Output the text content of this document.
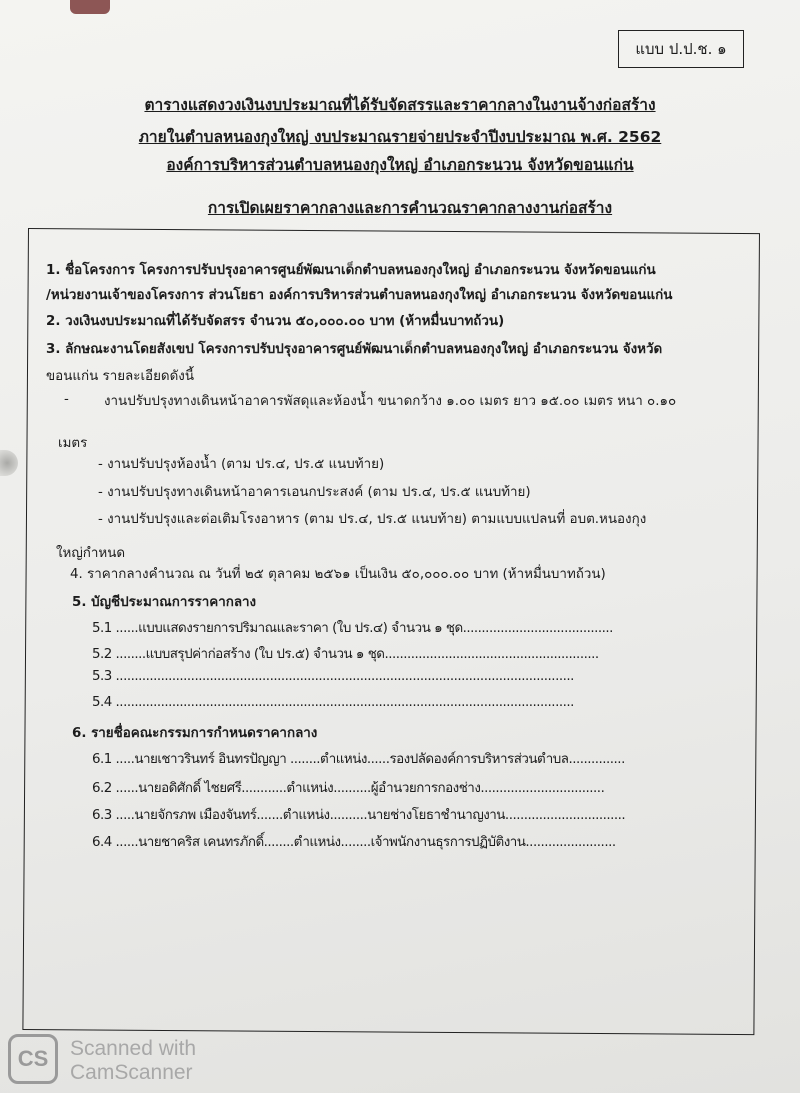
แบบ ป.ป.ช. ๑
ตารางแสดงวงเงินงบประมาณที่ได้รับจัดสรรและราคากลางในงานจ้างก่อสร้าง
ภายในตำบลหนองกุงใหญ่ งบประมาณรายจ่ายประจำปีงบประมาณ พ.ศ. 2562
องค์การบริหารส่วนตำบลหนองกุงใหญ่ อำเภอกระนวน จังหวัดขอนแก่น
การเปิดเผยราคากลางและการคำนวณราคากลางงานก่อสร้าง
1. ชื่อโครงการ โครงการปรับปรุงอาคารศูนย์พัฒนาเด็กตำบลหนองกุงใหญ่ อำเภอกระนวน จังหวัดขอนแก่น
/หน่วยงานเจ้าของโครงการ ส่วนโยธา องค์การบริหารส่วนตำบลหนองกุงใหญ่ อำเภอกระนวน จังหวัดขอนแก่น
2. วงเงินงบประมาณที่ได้รับจัดสรร จำนวน ๕๐,๐๐๐.๐๐ บาท (ห้าหมื่นบาทถ้วน)
3. ลักษณะงานโดยสังเขป โครงการปรับปรุงอาคารศูนย์พัฒนาเด็กตำบลหนองกุงใหญ่ อำเภอกระนวน จังหวัด
ขอนแก่น รายละเอียดดังนี้
-	งานปรับปรุงทางเดินหน้าอาคารพัสดุและห้องน้ำ ขนาดกว้าง ๑.๐๐ เมตร ยาว ๑๕.๐๐ เมตร หนา ๐.๑๐
เมตร
- งานปรับปรุงห้องน้ำ (ตาม ปร.๔, ปร.๕ แนบท้าย)
- งานปรับปรุงทางเดินหน้าอาคารเอนกประสงค์ (ตาม ปร.๔, ปร.๕ แนบท้าย)
- งานปรับปรุงและต่อเติมโรงอาหาร (ตาม ปร.๔, ปร.๕ แนบท้าย) ตามแบบแปลนที่ อบต.หนองกุง
ใหญ่กำหนด
4. ราคากลางคำนวณ ณ วันที่ ๒๕ ตุลาคม ๒๕๖๑ เป็นเงิน ๕๐,๐๐๐.๐๐ บาท (ห้าหมื่นบาทถ้วน)
5. บัญชีประมาณการราคากลาง
5.1 ......แบบแสดงรายการปริมาณและราคา (ใบ ปร.๔) จำนวน ๑ ชุด........................................
5.2 ........แบบสรุปค่าก่อสร้าง (ใบ ปร.๕) จำนวน ๑ ชุด.........................................................
5.3 ..........................................................................................................................
5.4 ..........................................................................................................................
6. รายชื่อคณะกรรมการกำหนดราคากลาง
6.1 .....นายเชาวรินทร์ อินทรปัญญา ........ตำแหน่ง......รองปลัดองค์การบริหารส่วนตำบล...............
6.2 ......นายอดิศักดิ์ ไชยศรี............ตำแหน่ง..........ผู้อำนวยการกองช่าง.................................
6.3 .....นายจักรภพ เมืองจันทร์.......ตำแหน่ง..........นายช่างโยธาชำนาญงาน................................
6.4 ......นายชาคริส เคนทรภักดิ์........ตำแหน่ง........เจ้าพนักงานธุรการปฏิบัติงาน........................
CS	Scanned with
CamScanner
